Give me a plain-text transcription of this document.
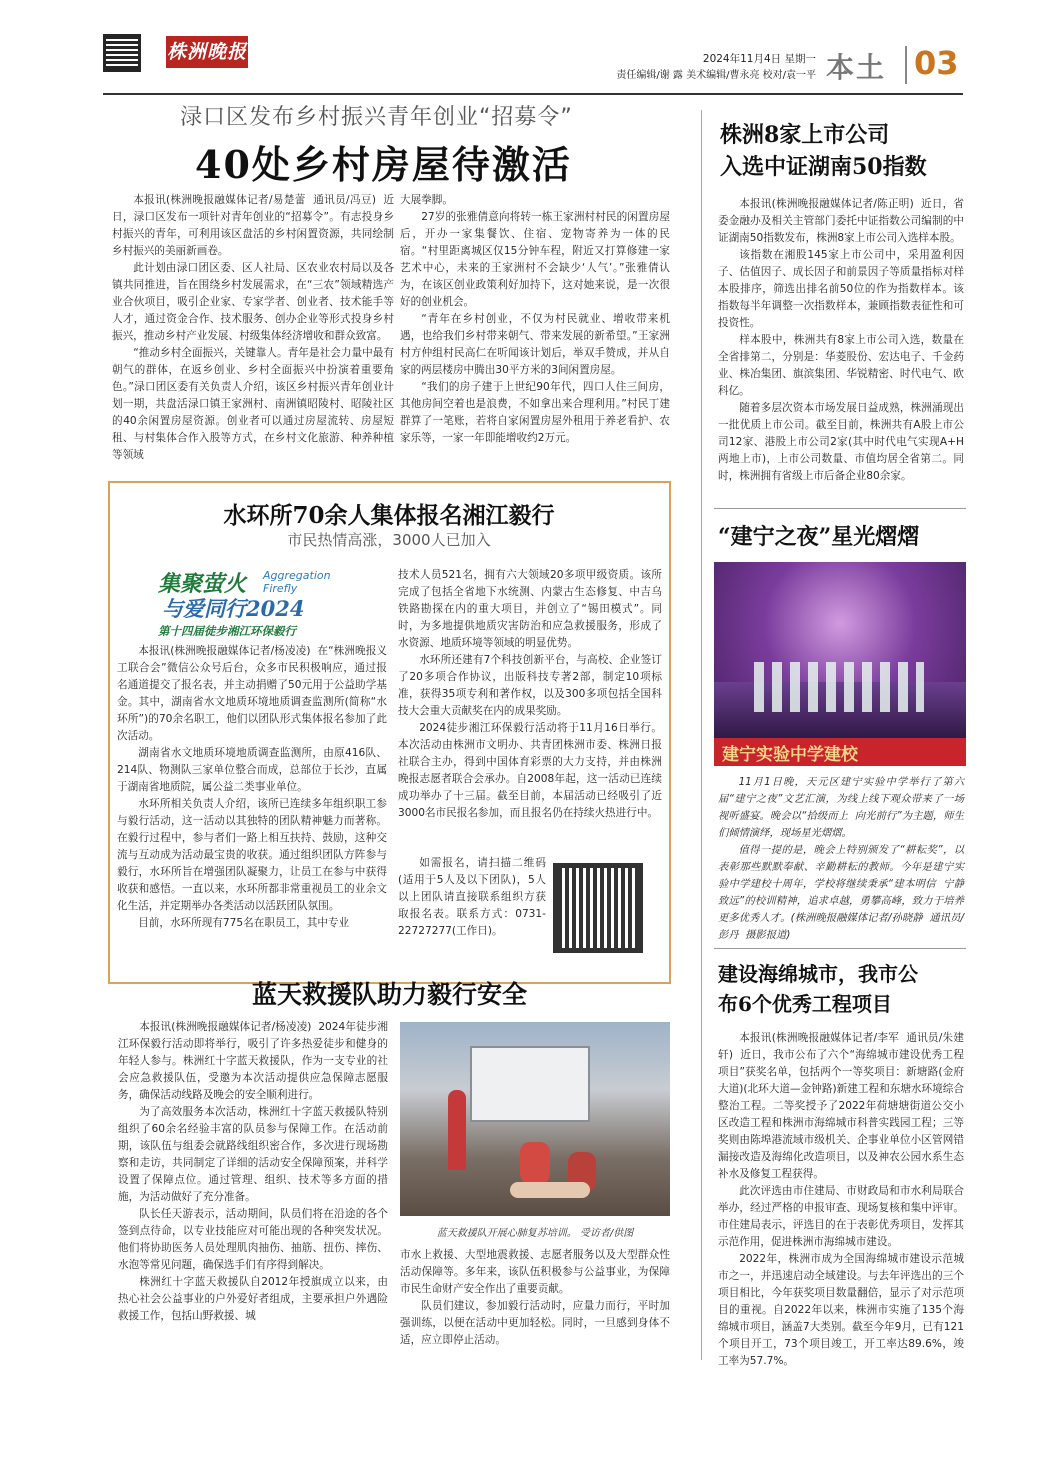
株洲晚报	2024年11月4日 星期一
责任编辑/谢 露 美术编辑/曹永亮 校对/袁一平 本土 03
渌口区发布乡村振兴青年创业“招募令”
40处乡村房屋待激活

本报讯(株洲晚报融媒体记者/易楚蕾  通讯员/冯豆)  近日，渌口区发布一项针对青年创业的“招募令”。有志投身乡村振兴的青年，可利用该区盘活的乡村闲置资源，共同绘制乡村振兴的美丽新画卷。

此计划由渌口团区委、区人社局、区农业农村局以及各镇共同推进，旨在围绕乡村发展需求，在“三农”领域精选产业合伙项目，吸引企业家、专家学者、创业者、技术能手等人才，通过资金合作、技术服务、创办企业等形式投身乡村振兴，推动乡村产业发展、村级集体经济增收和群众致富。

“推动乡村全面振兴，关键靠人。青年是社会力量中最有朝气的群体，在返乡创业、乡村全面振兴中扮演着重要角色。”渌口团区委有关负责人介绍，该区乡村振兴青年创业计划一期，共盘活渌口镇王家洲村、南洲镇昭陵村、昭陵社区的40余闲置房屋资源。创业者可以通过房屋流转、房屋短租、与村集体合作入股等方式，在乡村文化旅游、种养种植等领域

大展拳脚。

27岁的张雅倩意向将转一栋王家洲村村民的闲置房屋后，开办一家集餐饮、住宿、宠物寄养为一体的民宿。“村里距离城区仅15分钟车程，附近又打算修建一家艺术中心，未来的王家洲村不会缺少‘人气’。”张雅倩认为，在该区创业政策利好加持下，这对她来说，是一次很好的创业机会。

“青年在乡村创业，不仅为村民就业、增收带来机遇，也给我们乡村带来朝气、带来发展的新希望。”王家洲村方仲组村民高仁在听闻该计划后，举双手赞成，并从自家的两层楼房中腾出30平方米的3间闲置房屋。

“我们的房子建于上世纪90年代，四口人住三间房，其他房间空着也是浪费，不如拿出来合理利用。”村民丁建群算了一笔账，若将自家闲置房屋外租用于养老看护、农家乐等，一家一年即能增收约2万元。

水环所70余人集体报名湘江毅行
市民热情高涨，3000人已加入
集聚萤火 Aggregation
Firefly
与爱同行2024
第十四届徒步湘江环保毅行

本报讯(株洲晚报融媒体记者/杨凌凌)  在“株洲晚报义工联合会”微信公众号后台，众多市民积极响应，通过报名通道提交了报名表，并主动捐赠了50元用于公益助学基金。其中，湖南省水文地质环境地质调查监测所(简称“水环所”)的70余名职工，他们以团队形式集体报名参加了此次活动。

湖南省水文地质环境地质调查监测所，由原416队、214队、物测队三家单位整合而成，总部位于长沙，直属于湖南省地质院，属公益二类事业单位。

水环所相关负责人介绍，该所已连续多年组织职工参与毅行活动，这一活动以其独特的团队精神魅力而著称。在毅行过程中，参与者们一路上相互扶持、鼓励，这种交流与互动成为活动最宝贵的收获。通过组织团队方阵参与毅行，水环所旨在增强团队凝聚力，让员工在参与中获得收获和感悟。一直以来，水环所都非常重视员工的业余文化生活，并定期举办各类活动以活跃团队氛围。

目前，水环所现有775名在职员工，其中专业

技术人员521名，拥有六大领域20多项甲级资质。该所完成了包括全省地下水统测、内蒙古生态修复、中吉乌铁路勘探在内的重大项目，并创立了“锡田模式”。同时，为多地提供地质灾害防治和应急救援服务，形成了水资源、地质环境等领域的明显优势。

水环所还建有7个科技创新平台，与高校、企业签订了20多项合作协议，出版科技专著2部，制定10项标准，获得35项专利和著作权，以及300多项包括全国科技大会重大贡献奖在内的成果奖励。

2024徒步湘江环保毅行活动将于11月16日举行。本次活动由株洲市文明办、共青团株洲市委、株洲日报社联合主办，得到中国体育彩票的大力支持，并由株洲晚报志愿者联合会承办。自2008年起，这一活动已连续成功举办了十三届。截至目前，本届活动已经吸引了近3000名市民报名参加，而且报名仍在持续火热进行中。

如需报名，请扫描二维码(适用于5人及以下团队)，5人以上团队请直接联系组织方获取报名表。联系方式：0731-22727277(工作日)。

蓝天救援队助力毅行安全

本报讯(株洲晚报融媒体记者/杨凌凌)  2024年徒步湘江环保毅行活动即将举行，吸引了许多热爱徒步和健身的年轻人参与。株洲红十字蓝天救援队，作为一支专业的社会应急救援队伍，受邀为本次活动提供应急保障志愿服务，确保活动线路及晚会的安全顺利进行。

为了高效服务本次活动，株洲红十字蓝天救援队特别组织了60余名经验丰富的队员参与保障工作。在活动前期，该队伍与组委会就路线组织密合作，多次进行现场勘察和走访，共同制定了详细的活动安全保障预案，并科学设置了保障点位。通过管理、组织、技术等多方面的措施，为活动做好了充分准备。

队长任天游表示，活动期间，队员们将在沿途的各个签到点待命，以专业技能应对可能出现的各种突发状况。他们将协助医务人员处理肌肉抽伤、抽筋、扭伤、摔伤、水泡等常见问题，确保选手们有序得到解决。

株洲红十字蓝天救援队自2012年授旗成立以来，由热心社会公益事业的户外爱好者组成，主要承担户外遇险救援工作，包括山野救援、城

蓝天救援队开展心肺复苏培训。 受访者/供图

市水上救援、大型地震救援、志愿者服务以及大型群众性活动保障等。多年来，该队伍积极参与公益事业，为保障市民生命财产安全作出了重要贡献。

队员们建议，参加毅行活动时，应量力而行，平时加强训练，以便在活动中更加轻松。同时，一旦感到身体不适，应立即停止活动。

株洲8家上市公司
入选中证湖南50指数

本报讯(株洲晚报融媒体记者/陈正明)  近日，省委金融办及相关主管部门委托中证指数公司编制的中证湖南50指数发布，株洲8家上市公司入选样本股。

该指数在湘股145家上市公司中，采用盈利因子、估值因子、成长因子和前景因子等质量指标对样本股排序，筛选出排名前50位的作为指数样本。该指数每半年调整一次指数样本，兼顾指数表征性和可投资性。

样本股中，株洲共有8家上市公司入选，数量在全省排第二，分别是：华菱股份、宏达电子、千金药业、株冶集团、旗滨集团、华锐精密、时代电气、欧科亿。

随着多层次资本市场发展日益成熟，株洲涌现出一批优质上市公司。截至目前，株洲共有A股上市公司12家、港股上市公司2家(其中时代电气实现A+H两地上市)，上市公司数量、市值均居全省第二。同时，株洲拥有省级上市后备企业80余家。

“建宁之夜”星光熠熠
建宁实验中学建校

11月1日晚，天元区建宁实验中学举行了第六届“建宁之夜”文艺汇演，为线上线下观众带来了一场视听盛宴。晚会以“拾级而上  向光前行”为主题，师生们倾情演绎，现场星光熠熠。

值得一提的是，晚会上特别颁发了“耕耘奖”，以表彰那些默默奉献、辛勤耕耘的教师。今年是建宁实验中学建校十周年，学校将继续秉承“建本明信  宁静致远”的校训精神，追求卓越，勇攀高峰，致力于培养更多优秀人才。(株洲晚报融媒体记者/孙晓静  通讯员/彭丹  摄影报道)

建设海绵城市，我市公
布6个优秀工程项目

本报讯(株洲晚报融媒体记者/李军  通讯员/朱建轩)  近日，我市公布了六个“海绵城市建设优秀工程项目”获奖名单，包括两个一等奖项目：新塘路(金府大道)(北环大道—金钟路)新建工程和东塘水环境综合整治工程。二等奖授予了2022年荷塘塘街道公交小区改造工程和株洲市海绵城市科普实践园工程；三等奖则由陈埠港流域市级机关、企事业单位小区管网错漏接改造及海绵化改造项目，以及神农公园水系生态补水及修复工程获得。

此次评选由市住建局、市财政局和市水利局联合举办，经过严格的申报审查、现场复核和集中评审。市住建局表示，评选目的在于表彰优秀项目，发挥其示范作用，促进株洲市海绵城市建设。

2022年，株洲市成为全国海绵城市建设示范城市之一，并迅速启动全域建设。与去年评选出的三个项目相比，今年获奖项目数量翻倍，显示了对示范项目的重视。自2022年以来，株洲市实施了135个海绵城市项目，涵盖7大类别。截至今年9月，已有121个项目开工，73个项目竣工，开工率达89.6%，竣工率为57.7%。
